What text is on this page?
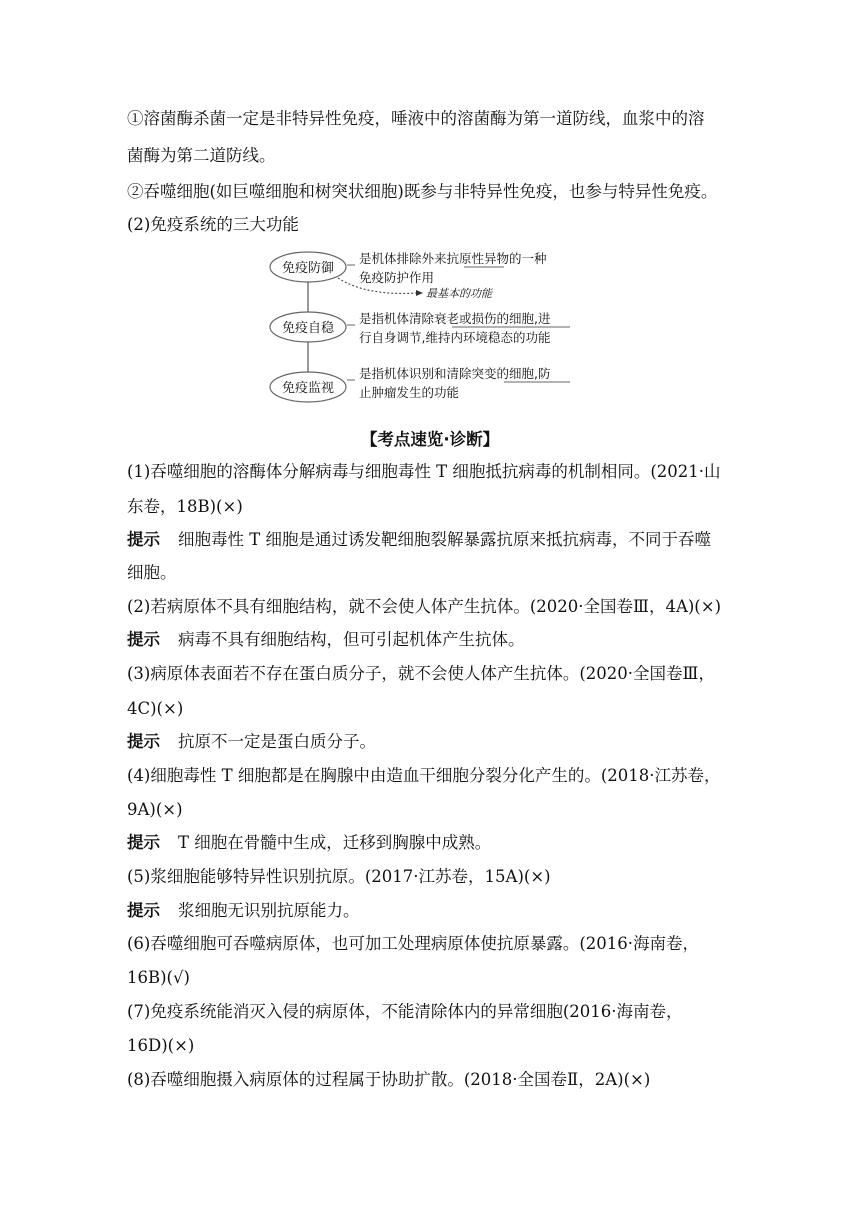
①溶菌酶杀菌一定是非特异性免疫，唾液中的溶菌酶为第一道防线，血浆中的溶
菌酶为第二道防线。
②吞噬细胞(如巨噬细胞和树突状细胞)既参与非特异性免疫，也参与特异性免疫。
(2)免疫系统的三大功能
免疫防御
免疫自稳
免疫监视
是机体排除外来抗原性异物的一种
免疫防护作用
最基本的功能
是指机体清除衰老或损伤的细胞,进
行自身调节,维持内环境稳态的功能
是指机体识别和清除突变的细胞,防
止肿瘤发生的功能
【考点速览·诊断】
(1)吞噬细胞的溶酶体分解病毒与细胞毒性 T 细胞抵抗病毒的机制相同。(2021·山
东卷，18B)(×)
提示 细胞毒性 T 细胞是通过诱发靶细胞裂解暴露抗原来抵抗病毒，不同于吞噬
细胞。
(2)若病原体不具有细胞结构，就不会使人体产生抗体。(2020·全国卷Ⅲ，4A)(×)
提示 病毒不具有细胞结构，但可引起机体产生抗体。
(3)病原体表面若不存在蛋白质分子，就不会使人体产生抗体。(2020·全国卷Ⅲ，
4C)(×)
提示 抗原不一定是蛋白质分子。
(4)细胞毒性 T 细胞都是在胸腺中由造血干细胞分裂分化产生的。(2018·江苏卷，
9A)(×)
提示 T 细胞在骨髓中生成，迁移到胸腺中成熟。
(5)浆细胞能够特异性识别抗原。(2017·江苏卷，15A)(×)
提示 浆细胞无识别抗原能力。
(6)吞噬细胞可吞噬病原体，也可加工处理病原体使抗原暴露。(2016·海南卷，
16B)(√)
(7)免疫系统能消灭入侵的病原体，不能清除体内的异常细胞(2016·海南卷，
16D)(×)
(8)吞噬细胞摄入病原体的过程属于协助扩散。(2018·全国卷Ⅱ，2A)(×)
